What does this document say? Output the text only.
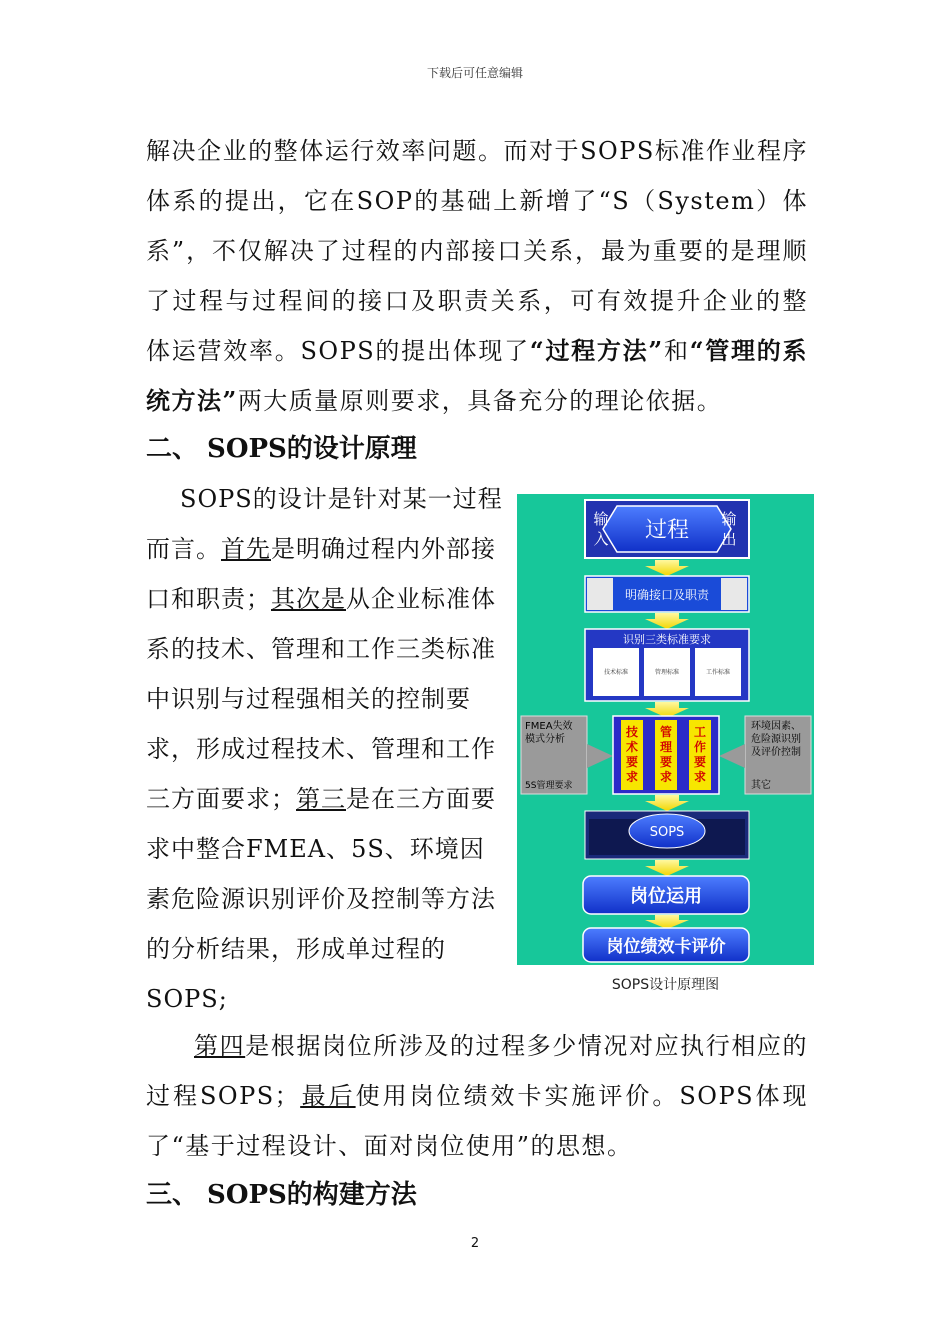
下载后可任意编辑

解决企业的整体运行效率问题。而对于SOPS标准作业程序体系的提出，它在SOP的基础上新增了“S（System）体系”，不仅解决了过程的内部接口关系，最为重要的是理顺了过程与过程间的接口及职责关系，可有效提升企业的整体运营效率。SOPS的提出体现了“过程方法”和“管理的系统方法”两大质量原则要求，具备充分的理论依据。

二、 SOPS的设计原理

SOPS的设计是针对某一过程而言。首先是明确过程内外部接口和职责；其次是从企业标准体系的技术、管理和工作三类标准中识别与过程强相关的控制要求，形成过程技术、管理和工作三方面要求；第三是在三方面要求中整合FMEA、5S、环境因素危险源识别评价及控制等方法的分析结果，形成单过程的SOPS;

输入 过程 输出
明确接口及职责
识别三类标准要求
技术标准	管理标准	工作标准
FMEA失效模式分析
5S管理要求
环境因素、危险源识别及评价控制
其它
技术要求
管理要求
工作要求
SOPS
岗位运用
岗位绩效卡评价
SOPS设计原理图

第四是根据岗位所涉及的过程多少情况对应执行相应的过程SOPS；最后使用岗位绩效卡实施评价。SOPS体现了“基于过程设计、面对岗位使用”的思想。

三、 SOPS的构建方法
2
